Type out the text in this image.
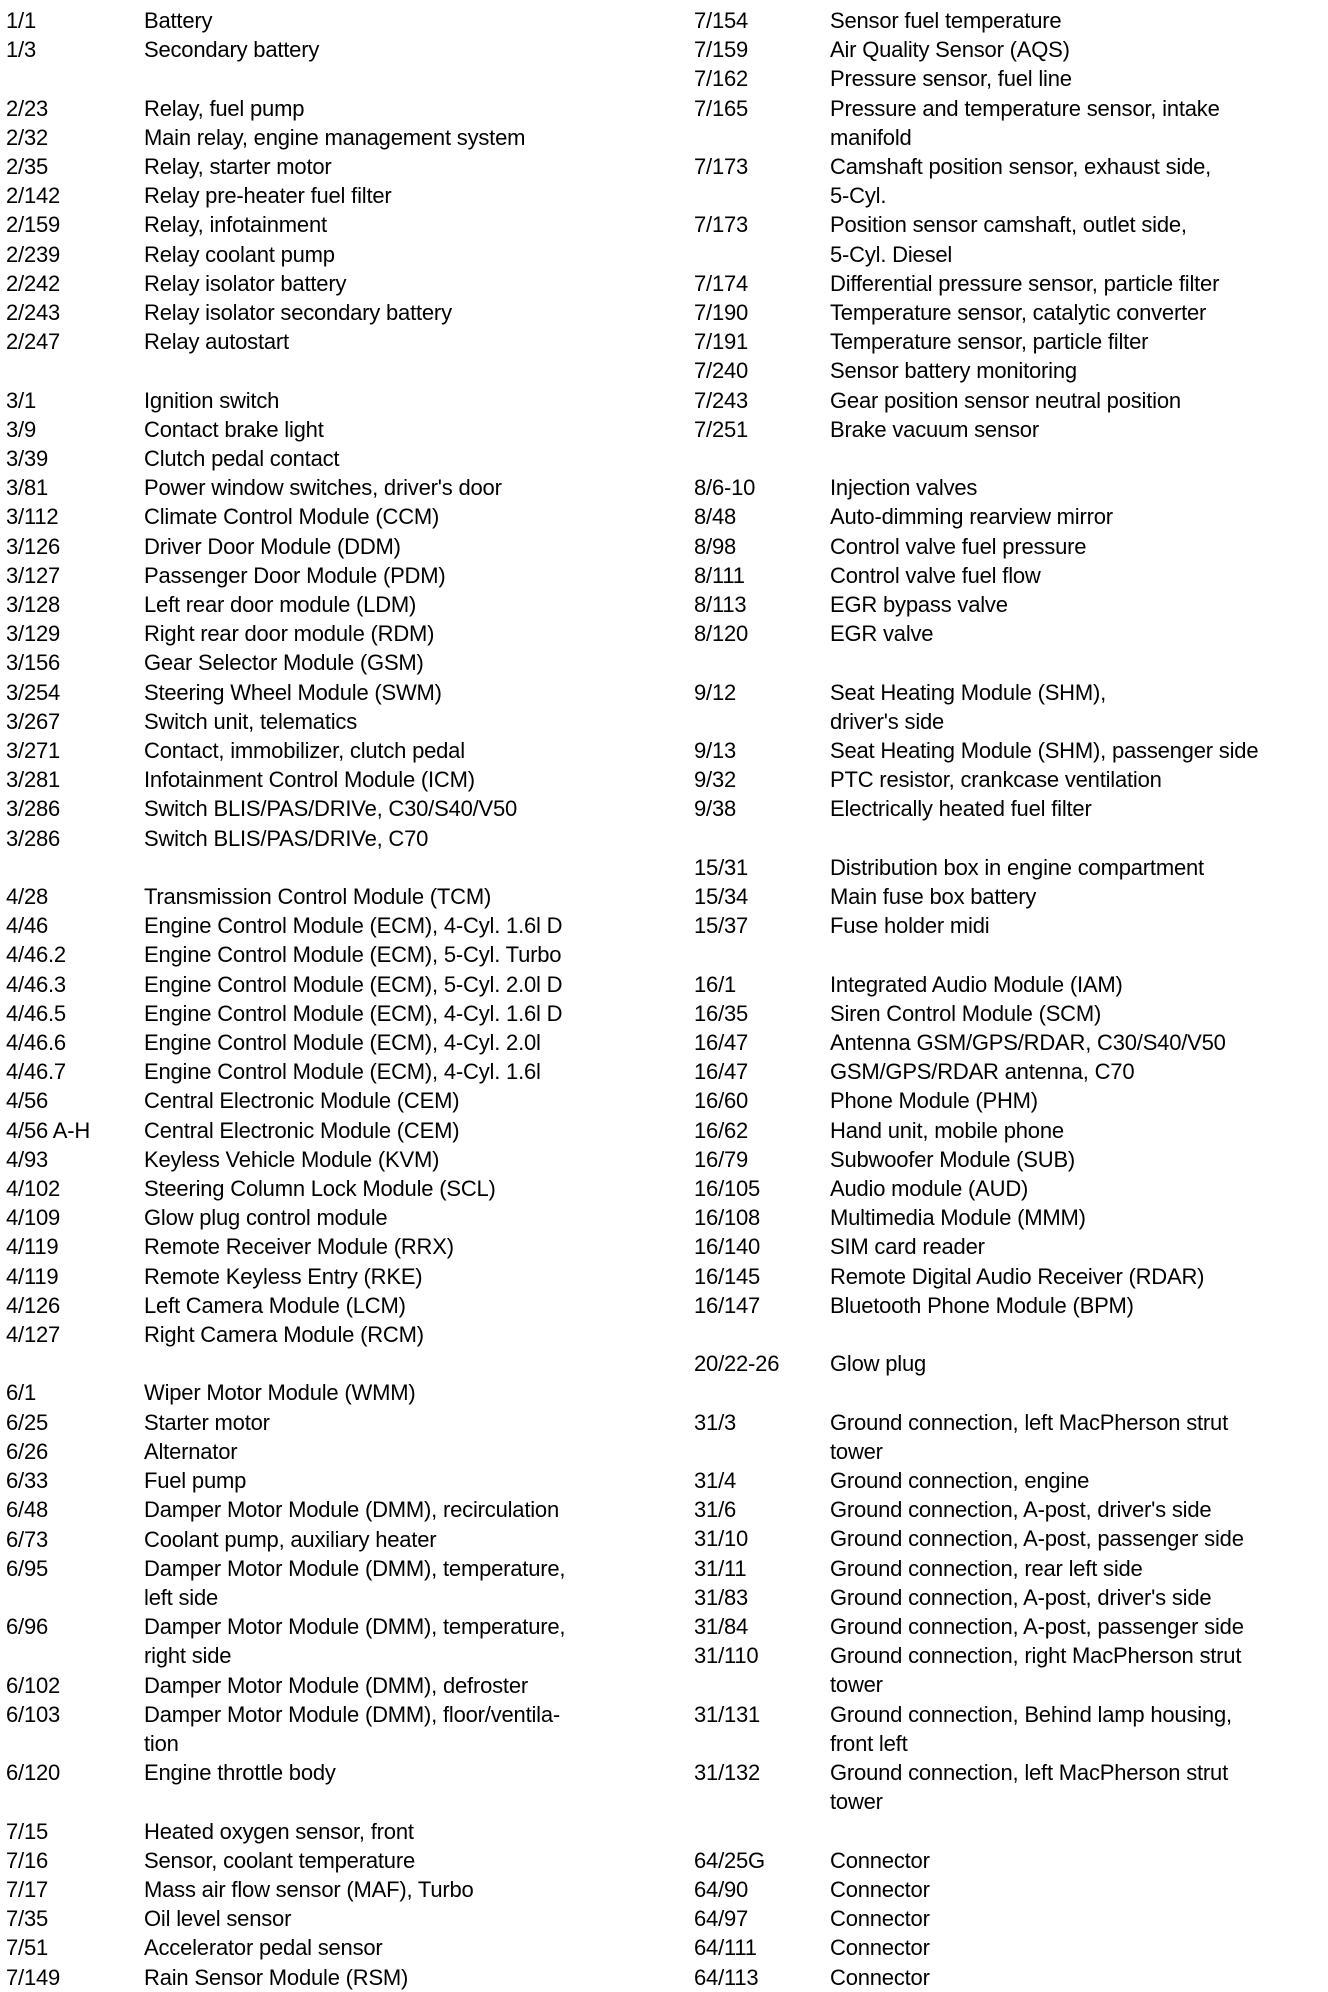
1/1	Battery
1/3	Secondary battery
2/23	Relay, fuel pump
2/32	Main relay, engine management system
2/35	Relay, starter motor
2/142	Relay pre-heater fuel filter
2/159	Relay, infotainment
2/239	Relay coolant pump
2/242	Relay isolator battery
2/243	Relay isolator secondary battery
2/247	Relay autostart
3/1	Ignition switch
3/9	Contact brake light
3/39	Clutch pedal contact
3/81	Power window switches, driver's door
3/112	Climate Control Module (CCM)
3/126	Driver Door Module (DDM)
3/127	Passenger Door Module (PDM)
3/128	Left rear door module (LDM)
3/129	Right rear door module (RDM)
3/156	Gear Selector Module (GSM)
3/254	Steering Wheel Module (SWM)
3/267	Switch unit, telematics
3/271	Contact, immobilizer, clutch pedal
3/281	Infotainment Control Module (ICM)
3/286	Switch BLIS/PAS/DRIVe, C30/S40/V50
3/286	Switch BLIS/PAS/DRIVe, C70
4/28	Transmission Control Module (TCM)
4/46	Engine Control Module (ECM), 4-Cyl. 1.6l D
4/46.2	Engine Control Module (ECM), 5-Cyl. Turbo
4/46.3	Engine Control Module (ECM), 5-Cyl. 2.0l D
4/46.5	Engine Control Module (ECM), 4-Cyl. 1.6l D
4/46.6	Engine Control Module (ECM), 4-Cyl. 2.0l
4/46.7	Engine Control Module (ECM), 4-Cyl. 1.6l
4/56	Central Electronic Module (CEM)
4/56 A-H	Central Electronic Module (CEM)
4/93	Keyless Vehicle Module (KVM)
4/102	Steering Column Lock Module (SCL)
4/109	Glow plug control module
4/119	Remote Receiver Module (RRX)
4/119	Remote Keyless Entry (RKE)
4/126	Left Camera Module (LCM)
4/127	Right Camera Module (RCM)
6/1	Wiper Motor Module (WMM)
6/25	Starter motor
6/26	Alternator
6/33	Fuel pump
6/48	Damper Motor Module (DMM), recirculation
6/73	Coolant pump, auxiliary heater
6/95	Damper Motor Module (DMM), temperature,
left side
6/96	Damper Motor Module (DMM), temperature,
right side
6/102	Damper Motor Module (DMM), defroster
6/103	Damper Motor Module (DMM), floor/ventila-
tion
6/120	Engine throttle body
7/15	Heated oxygen sensor, front
7/16	Sensor, coolant temperature
7/17	Mass air flow sensor (MAF), Turbo
7/35	Oil level sensor
7/51	Accelerator pedal sensor
7/149	Rain Sensor Module (RSM)
7/154	Sensor fuel temperature
7/159	Air Quality Sensor (AQS)
7/162	Pressure sensor, fuel line
7/165	Pressure and temperature sensor, intake
manifold
7/173	Camshaft position sensor, exhaust side,
5-Cyl.
7/173	Position sensor camshaft, outlet side,
5-Cyl. Diesel
7/174	Differential pressure sensor, particle filter
7/190	Temperature sensor, catalytic converter
7/191	Temperature sensor, particle filter
7/240	Sensor battery monitoring
7/243	Gear position sensor neutral position
7/251	Brake vacuum sensor
8/6-10	Injection valves
8/48	Auto-dimming rearview mirror
8/98	Control valve fuel pressure
8/111	Control valve fuel flow
8/113	EGR bypass valve
8/120	EGR valve
9/12	Seat Heating Module (SHM),
driver's side
9/13	Seat Heating Module (SHM), passenger side
9/32	PTC resistor, crankcase ventilation
9/38	Electrically heated fuel filter
15/31	Distribution box in engine compartment
15/34	Main fuse box battery
15/37	Fuse holder midi
16/1	Integrated Audio Module (IAM)
16/35	Siren Control Module (SCM)
16/47	Antenna GSM/GPS/RDAR, C30/S40/V50
16/47	GSM/GPS/RDAR antenna, C70
16/60	Phone Module (PHM)
16/62	Hand unit, mobile phone
16/79	Subwoofer Module (SUB)
16/105	Audio module (AUD)
16/108	Multimedia Module (MMM)
16/140	SIM card reader
16/145	Remote Digital Audio Receiver (RDAR)
16/147	Bluetooth Phone Module (BPM)
20/22-26	Glow plug
31/3	Ground connection, left MacPherson strut
tower
31/4	Ground connection, engine
31/6	Ground connection, A-post, driver's side
31/10	Ground connection, A-post, passenger side
31/11	Ground connection, rear left side
31/83	Ground connection, A-post, driver's side
31/84	Ground connection, A-post, passenger side
31/110	Ground connection, right MacPherson strut
tower
31/131	Ground connection, Behind lamp housing,
front left
31/132	Ground connection, left MacPherson strut
tower
64/25G	Connector
64/90	Connector
64/97	Connector
64/111	Connector
64/113	Connector
